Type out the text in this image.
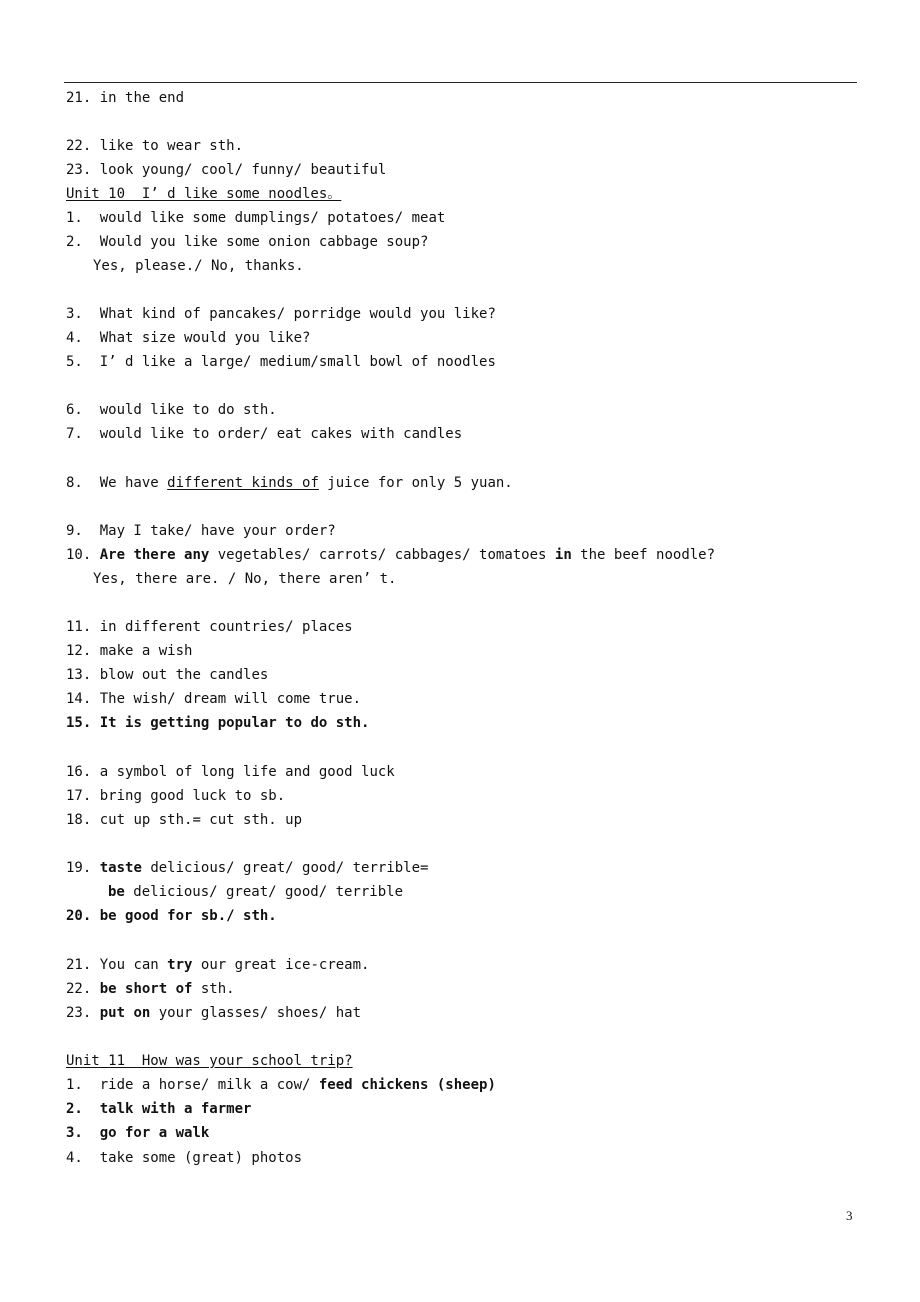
21. in the end
22. like to wear sth.
23. look young/ cool/ funny/ beautiful
Unit 10  I’ d like some noodles。
1. would like some dumplings/ potatoes/ meat
2. Would you like some onion cabbage soup?
Yes, please./ No, thanks.
3. What kind of pancakes/ porridge would you like?
4. What size would you like?
5. I’ d like a large/ medium/small bowl of noodles
6. would like to do sth.
7. would like to order/ eat cakes with candles
8. We have different kinds of juice for only 5 yuan.
9. May I take/ have your order?
10. Are there any vegetables/ carrots/ cabbages/ tomatoes in the beef noodle?
Yes, there are. / No, there aren’ t.
11. in different countries/ places
12. make a wish
13. blow out the candles
14. The wish/ dream will come true.
15. It is getting popular to do sth.
16. a symbol of long life and good luck
17. bring good luck to sb.
18. cut up sth.= cut sth. up
19. taste delicious/ great/ good/ terrible=
be delicious/ great/ good/ terrible
20. be good for sb./ sth.
21. You can try our great ice-cream.
22. be short of sth.
23. put on your glasses/ shoes/ hat
Unit 11  How was your school trip?
1. ride a horse/ milk a cow/ feed chickens (sheep)
2. talk with a farmer
3. go for a walk
4. take some (great) photos
3
